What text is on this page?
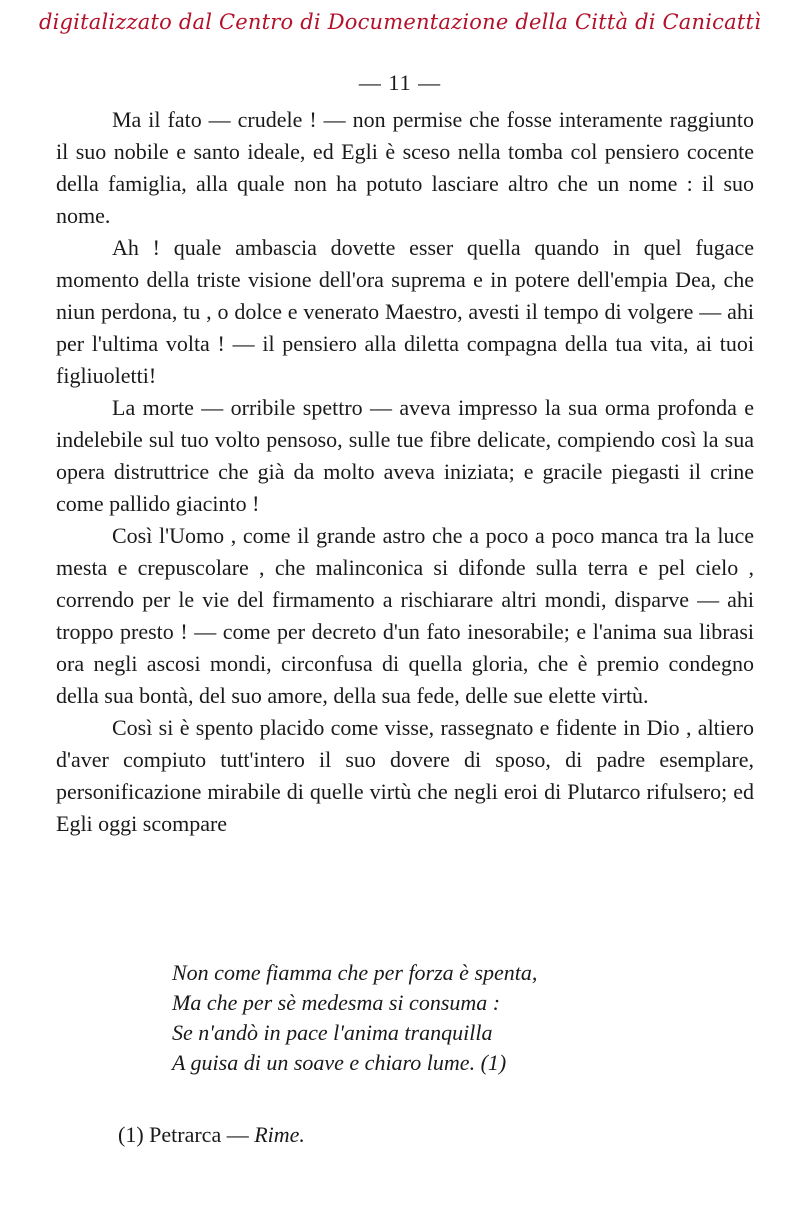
digitalizzato dal Centro di Documentazione della Città di Canicattì
— 11 —

Ma il fato — crudele ! — non permise che fosse interamente raggiunto il suo nobile e santo ideale, ed Egli è sceso nella tomba col pensiero cocente della famiglia, alla quale non ha potuto lasciare altro che un nome : il suo nome.

Ah ! quale ambascia dovette esser quella quando in quel fugace momento della triste visione dell'ora suprema e in potere dell'empia Dea, che niun perdona, tu , o dolce e venerato Maestro, avesti il tempo di volgere — ahi per l'ultima volta ! — il pensiero alla diletta compagna della tua vita, ai tuoi figliuoletti!

La morte — orribile spettro — aveva impresso la sua orma profonda e indelebile sul tuo volto pensoso, sulle tue fibre delicate, compiendo così la sua opera distruttrice che già da molto aveva iniziata; e gracile piegasti il crine come pallido giacinto !

Così l'Uomo , come il grande astro che a poco a poco manca tra la luce mesta e crepuscolare , che malinconica si difonde sulla terra e pel cielo , correndo per le vie del firmamento a rischiarare altri mondi, disparve — ahi troppo presto ! — come per decreto d'un fato inesorabile; e l'anima sua librasi ora negli ascosi mondi, circonfusa di quella gloria, che è premio condegno della sua bontà, del suo amore, della sua fede, delle sue elette virtù.

Così si è spento placido come visse, rassegnato e fidente in Dio , altiero d'aver compiuto tutt'intero il suo dovere di sposo, di padre esemplare, personificazione mirabile di quelle virtù che negli eroi di Plutarco rifulsero; ed Egli oggi scompare

Non come fiamma che per forza è spenta,
Ma che per sè medesma si consuma :
Se n'andò in pace l'anima tranquilla
A guisa di un soave e chiaro lume. (1)
(1) Petrarca — Rime.
